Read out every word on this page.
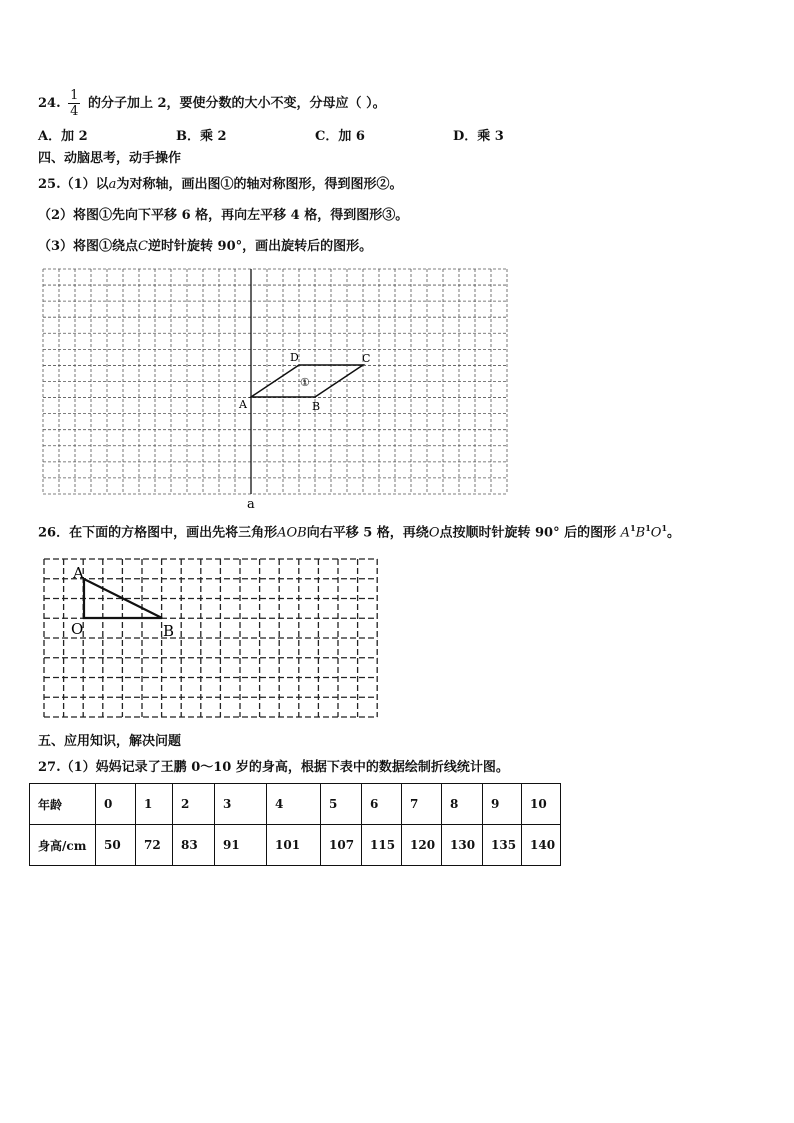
24. $\frac{1}{4}$ 的分子加上 2，要使分数的大小不变，分母应（ ）。
A．加 2	B．乘 2	C．加 6	D．乘 3
四、动脑思考，动手操作
25.（1）以a为对称轴，画出图①的轴对称图形，得到图形②。
（2）将图①先向下平移 6 格，再向左平移 4 格，得到图形③。
（3）将图①绕点C逆时针旋转 90°，画出旋转后的图形。
A	B
C
D
①
a
26．在下面的方格图中，画出先将三角形AOB向右平移 5 格，再绕O点按顺时针旋转 90° 后的图形 $A^1B^1O^1$。
A
O	B
五、应用知识，解决问题
27.（1）妈妈记录了王鹏 0～10 岁的身高，根据下表中的数据绘制折线统计图。
年龄	0	1	2	3	4	5	6	7	8	9	10
身高/cm	50	72	83	91	101	107	115	120	130	135	140
